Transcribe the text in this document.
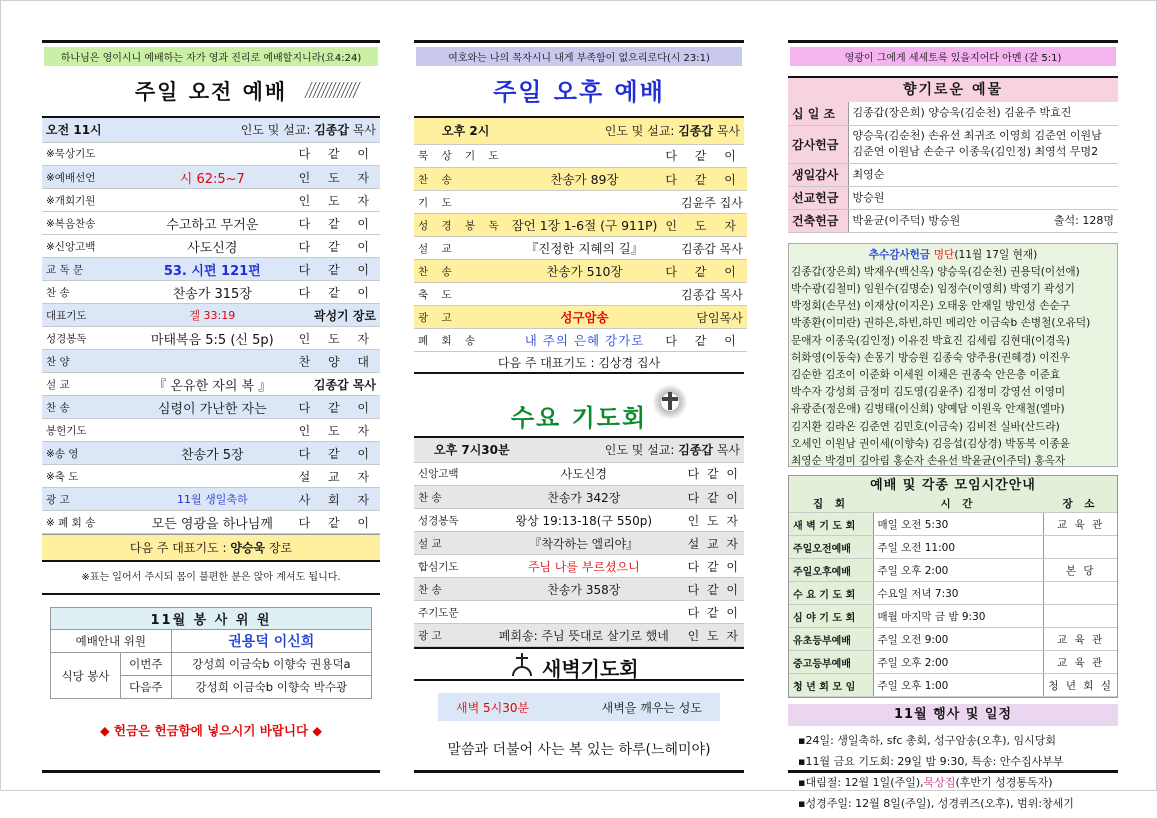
하나님은 영이시니 예배하는 자가 영과 진리로 예배할지니라(요4:24)
주일 오전 예배
오전 11시	인도 및 설교: 김종갑 목사
※묵상기도		다 같 이
※예배선언	시 62:5~7	인 도 자
※개회기원		인 도 자
※복음찬송	수고하고 무거운	다 같 이
※신앙고백	사도신경	다 같 이
교 독 문	53. 시편 121편	다 같 이
찬 송	찬송가 315장	다 같 이
대표기도	겔 33:19	곽성기 장로
성경봉독	마태복음 5:5 (신 5p)	인 도 자
찬 양		찬 양 대
설 교	『 온유한 자의 복 』	김종갑 목사
찬 송	심령이 가난한 자는	다 같 이
봉헌기도		인 도 자
※송 영	찬송가 5장	다 같 이
※축 도		설 교 자
광 고	11월 생일축하	사 회 자
※ 폐 회 송	모든 영광을 하나님께	다 같 이
다음 주 대표기도 : 양승욱 장로
※표는 일어서 주시되 몸이 불편한 분은 앉아 계셔도 됩니다.
11월 봉 사 위 원		
예배안내 위원		권용덕 이신희
식당 봉사	이번주	강성희 이금숙b 이향숙 권용덕a
	다음주	강성희 이금숙b 이향숙 박수광
◆ 헌금은 헌금함에 넣으시기 바랍니다 ◆
여호와는 나의 목자시니 내게 부족함이 없으리로다(시 23:1)
주일 오후 예배
오후 2시	인도 및 설교: 김종갑 목사
묵 상 기 도		다 같 이
찬 송	찬송가 89장	다 같 이
기 도		김윤주 집사
성 경 봉 독	잠언 1장 1-6절 (구 911P)	인 도 자
설 교	『진정한 지혜의 길』	김종갑 목사
찬 송	찬송가 510장	다 같 이
축 도		김종갑 목사
광 고	성구암송	담임목사
폐 회 송	내 주의 은혜 강가로	다 같 이
다음 주 대표기도 : 김상경 집사
수요 기도회
오후 7시30분	인도 및 설교: 김종갑 목사
신앙고백	사도신경	다 같 이
찬 송	찬송가 342장	다 같 이
성경봉독	왕상 19:13-18(구 550p)	인 도 자
설 교	『착각하는 엘리야』	설 교 자
합심기도	주님 나를 부르셨으니	다 같 이
찬 송	찬송가 358장	다 같 이
주기도문		다 같 이
광 고	폐회송: 주님 뜻대로 살기로 했네	인 도 자
새벽기도회
새벽 5시30분	새벽을 깨우는 성도
말씀과 더불어 사는 복 있는 하루(느헤미야)
영광이 그에게 세세토록 있을지어다 아멘 (갈 5:1)
향기로운 예물
십 일 조	김종갑(장은희) 양승욱(김순천) 김윤주 박효진
감사헌금	양승욱(김순천) 손유선 최귀조 이영희 김준연 이원남
김준연 이원남 손순구 이종욱(김인정) 최영석 무명2
생일감사	최영순
선교헌금	방승원
건축헌금	박윤균(이주덕) 방승원 출석: 128명
추수감사헌금 명단(11월 17일 현재)
김종갑(장은희) 박재우(백신옥) 양승욱(김순천) 권용덕(이선애)
박수광(김철미) 임원수(김명순) 임정수(이영희) 박영기 곽성기
박정회(손무선) 이재상(이지은) 오태웅 안재일 방인성 손순구
박종환(이미란) 권하은,하빈,하민 메리안 이금숙b 손병철(오유덕)
문애자 이종욱(김인정) 이유진 박효진 김세림 김현대(이경옥)
허화영(이동숙) 손몽기 방승원 김종숙 양주용(권혜경) 이진우
김순한 김조이 이준화 이세원 이채은 권종숙 안은총 이준효
박수자 강성희 금정미 김도영(김윤주) 김정미 강영선 이영미
유광준(정은애) 김병태(이신희) 양예담 이원욱 안재철(엘마)
김지환 김라온 김준연 김민호(이금숙) 김비전 실바(산드라)
오세인 이원남 권이세(이향숙) 김응섭(김상경) 박동복 이종윤
최영순 박경미 김아림 홍순자 손유선 박윤균(이주덕) 홍옥자
예배 및 각종 모임시간안내
집 회	시 간	장 소
새 벽 기 도 회	매일 오전 5:30	교 육 관
주일오전예배	주일 오전 11:00	
주일오후예배	주일 오후 2:00	본 당
수 요 기 도 회	수요일 저녁 7:30	
심 야 기 도 회	매월 마지막 금 밤 9:30	
유초등부예배	주일 오전 9:00	교 육 관
중고등부예배	주일 오후 2:00	교 육 관
청 년 회 모 임	주일 오후 1:00	청 년 회 실
11월 행사 및 일정
▪24일: 생일축하, sfc 총회, 성구암송(오후), 임시당회
▪11월 금요 기도회: 29일 밤 9:30, 특송: 안수집사부부
▪대림절: 12월 1일(주일),묵상집(후반기 성경통독자)
▪성경주일: 12월 8일(주일), 성경퀴즈(오후), 범위:창세기
